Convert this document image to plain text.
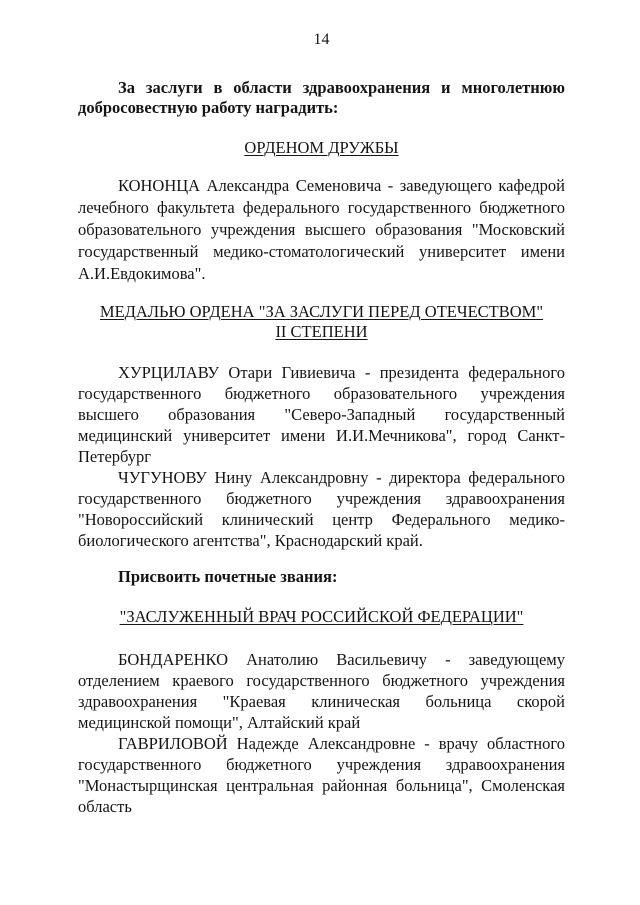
14

За заслуги в области здравоохранения и многолетнюю добросовестную работу наградить:

ОРДЕНОМ ДРУЖБЫ

КОНОНЦА Александра Семеновича - заведующего кафедрой лечебного факультета федерального государственного бюджетного образовательного учреждения высшего образования "Московский государственный медико-стоматологический университет имени А.И.Евдокимова".

МЕДАЛЬЮ ОРДЕНА "ЗА ЗАСЛУГИ ПЕРЕД ОТЕЧЕСТВОМ"
II СТЕПЕНИ

ХУРЦИЛАВУ Отари Гивиевича - президента федерального государственного бюджетного образовательного учреждения высшего образования "Северо-Западный государственный медицинский университет имени И.И.Мечникова", город Санкт-Петербург

ЧУГУНОВУ Нину Александровну - директора федерального государственного бюджетного учреждения здравоохранения "Новороссийский клинический центр Федерального медико-биологического агентства", Краснодарский край.

Присвоить почетные звания:

"ЗАСЛУЖЕННЫЙ ВРАЧ РОССИЙСКОЙ ФЕДЕРАЦИИ"

БОНДАРЕНКО Анатолию Васильевичу - заведующему отделением краевого государственного бюджетного учреждения здравоохранения "Краевая клиническая больница скорой медицинской помощи", Алтайский край

ГАВРИЛОВОЙ Надежде Александровне - врачу областного государственного бюджетного учреждения здравоохранения "Монастырщинская центральная районная больница", Смоленская область
